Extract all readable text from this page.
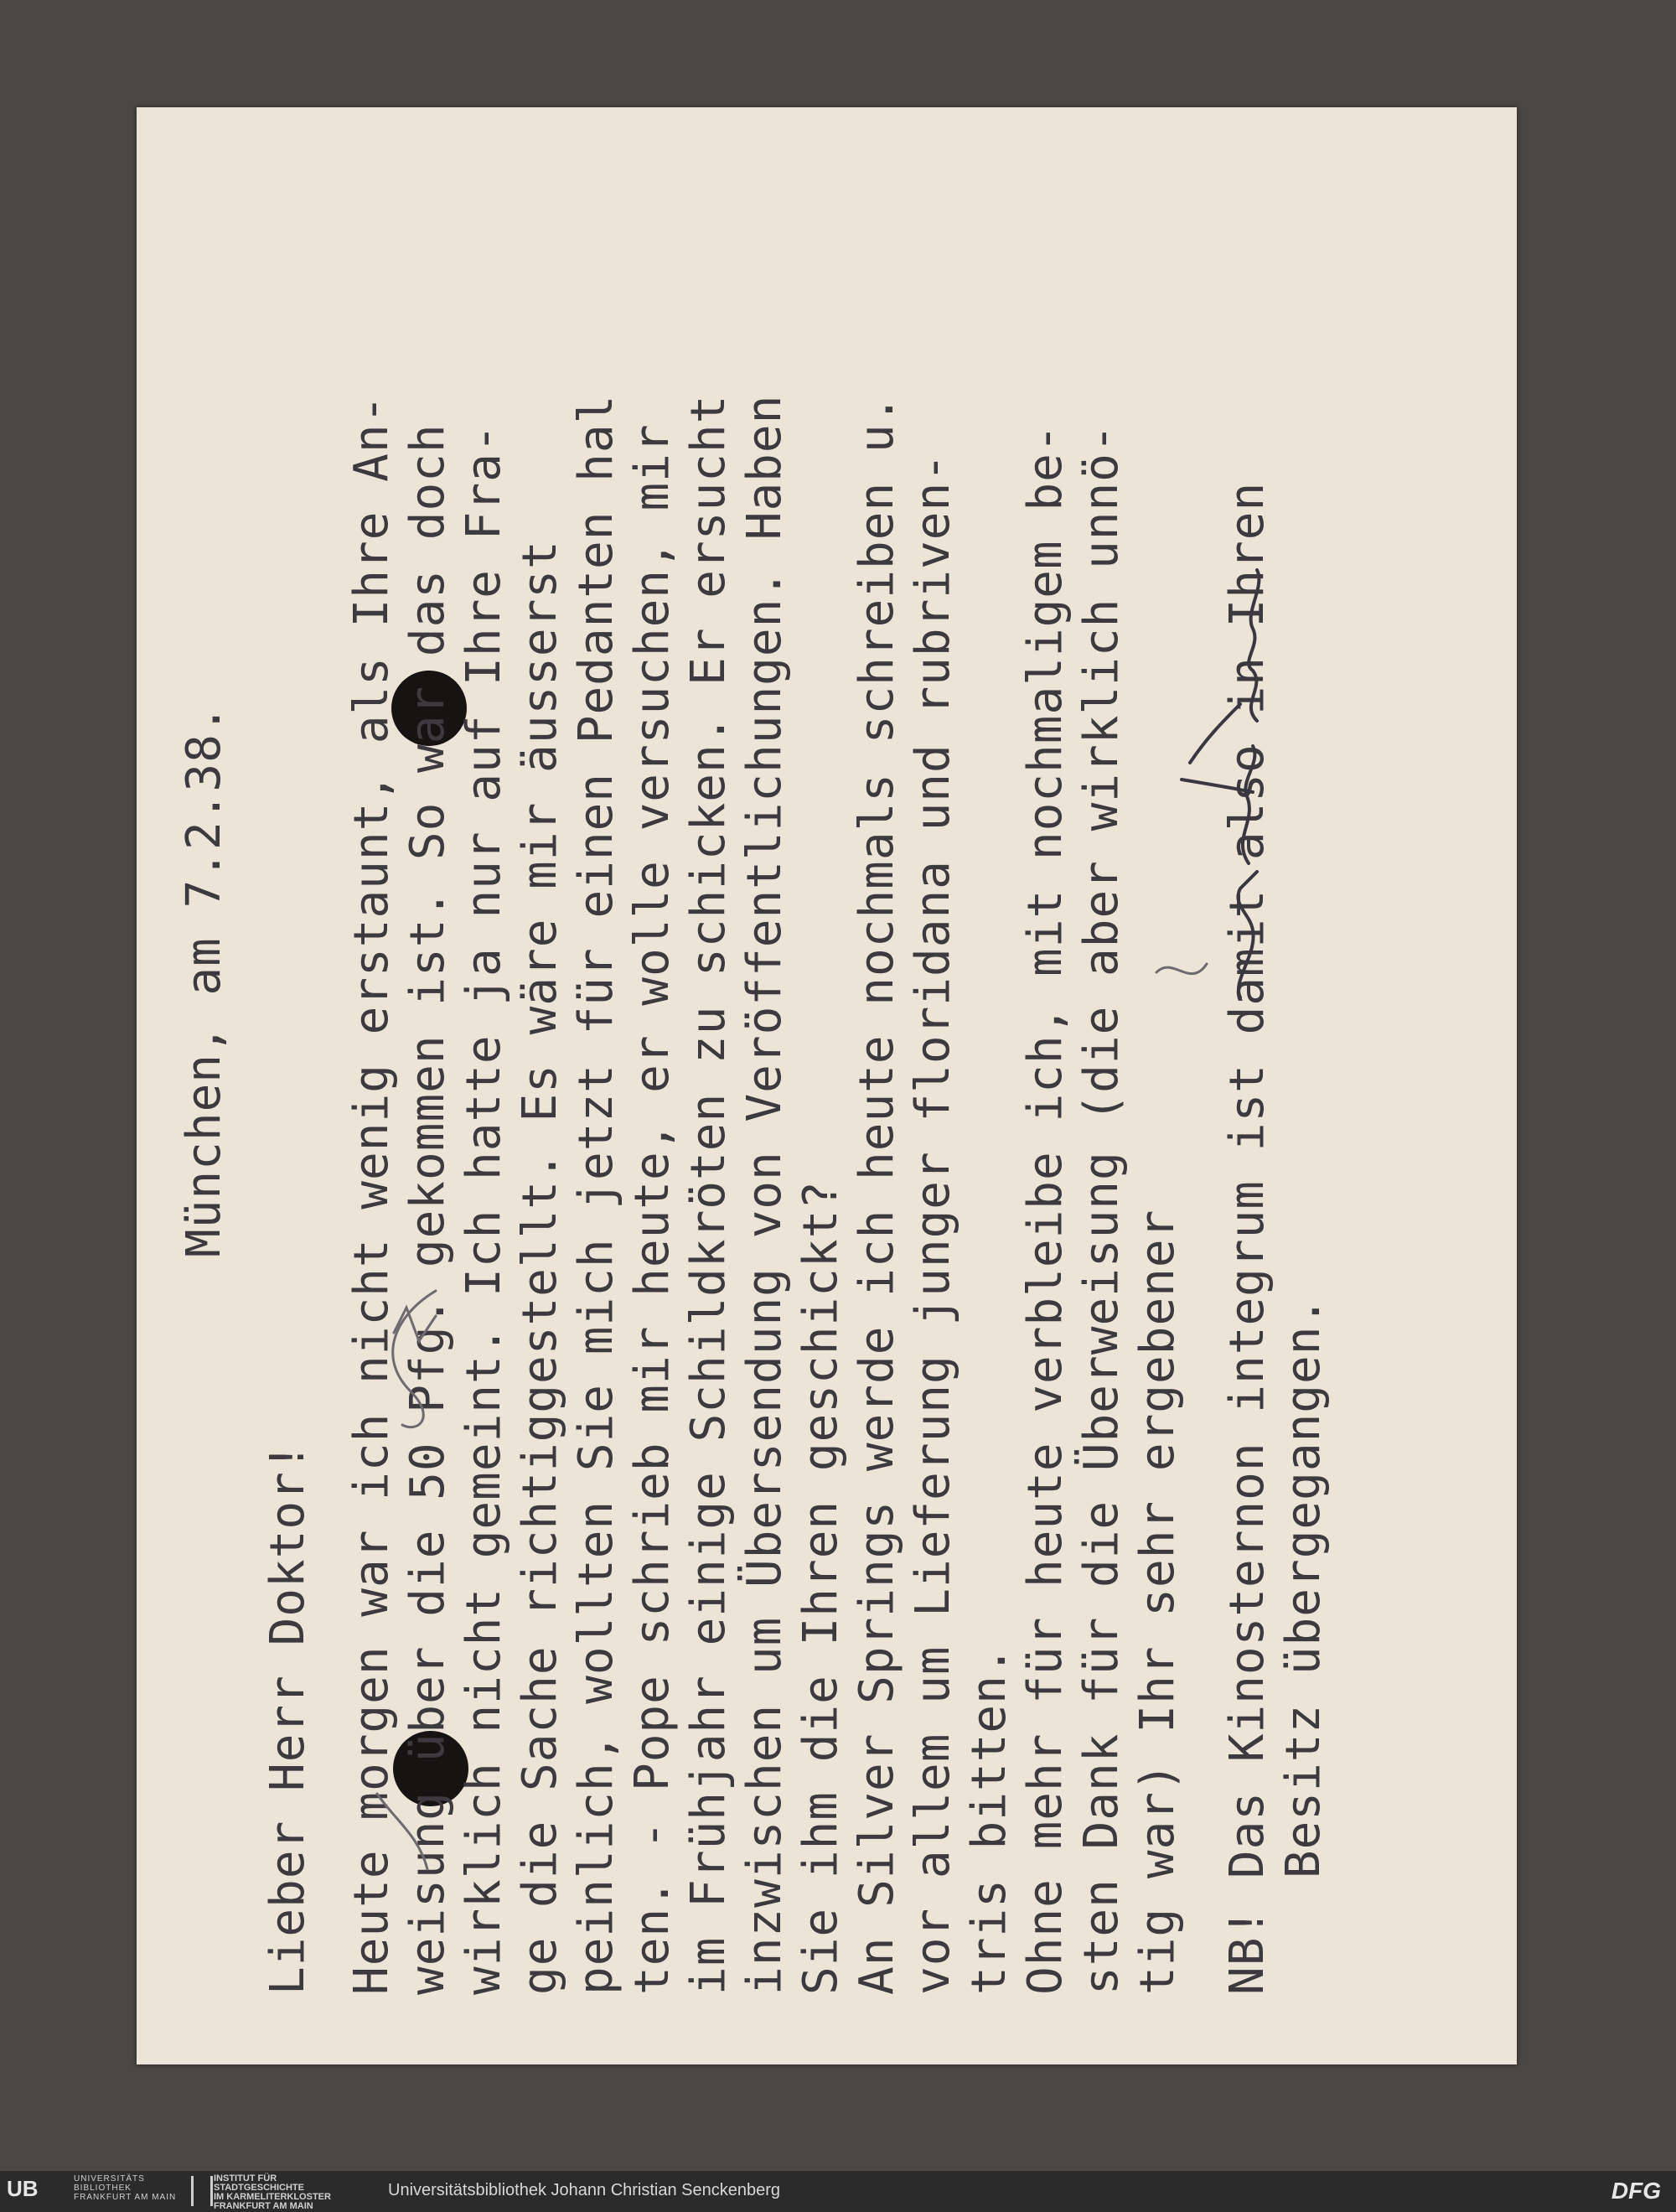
München, am 7.2.38.
Lieber Herr Doktor! Heute morgen war ich nicht wenig erstaunt, als Ihre An- weisung über die 50 Pfg. gekommen ist. So war das doch wirklich nicht gemeint. Ich hatte ja nur auf Ihre Fra- ge die Sache richtiggestellt. Es wäre mir äusserst peinlich, wollten Sie mich jetzt für einen Pedanten hal ten. - Pope schrieb mir heute, er wolle versuchen, mir im Frühjahr einige Schildkröten zu schicken. Er ersucht inzwischen um Übersendung von Veröffentlichungen. Haben Sie ihm die Ihren geschickt? An Silver Springs werde ich heute nochmals schreiben u. vor allem um Lieferung junger floridana und rubriven- tris bitten. Ohne mehr für heute verbleibe ich, mit nochmaligem be- sten Dank für die Überweisung (die aber wirklich unnö- tig war) Ihr sehr ergebener NB! Das Kinosternon integrum ist damit also in Ihren Besitz übergegangen.
UB	UNIVERSITÄTS
BIBLIOTHEK
FRANKFURT AM MAIN
INSTITUT FÜR
STADTGESCHICHTE
IM KARMELITERKLOSTER
FRANKFURT AM MAIN
Universitätsbibliothek Johann Christian Senckenberg	DFG
